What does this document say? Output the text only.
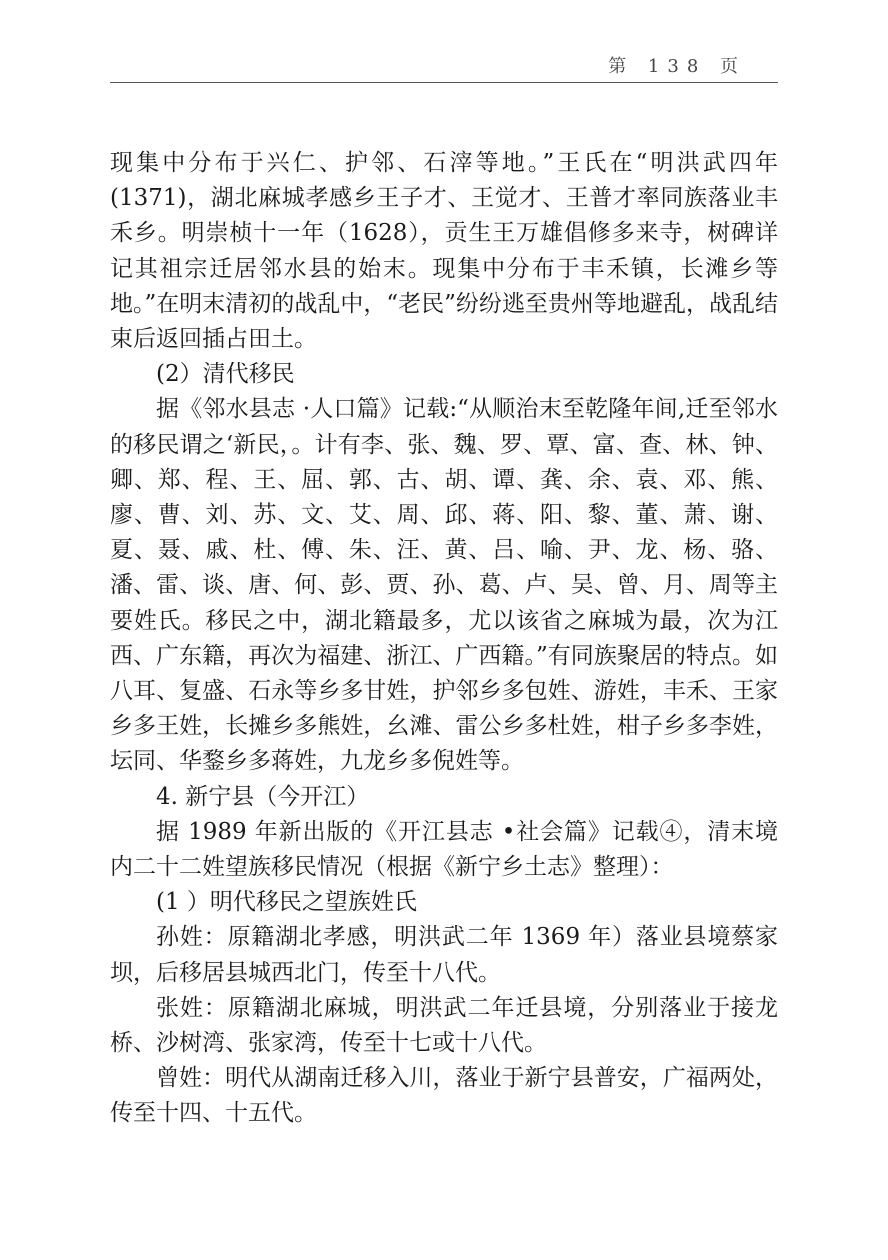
第 138 页

现集中分布于兴仁、护邻、石滓等地。”王氏在“明洪武四年(1371)，湖北麻城孝感乡王子才、王觉才、王普才率同族落业丰禾乡。明崇桢十一年（1628），贡生王万雄倡修多来寺，树碑详记其祖宗迁居邻水县的始末。现集中分布于丰禾镇，长滩乡等地。”在明末清初的战乱中，“老民”纷纷逃至贵州等地避乱，战乱结束后返回插占田土。

(2）清代移民

据《邻水县志 ·人口篇》记载:“从顺治末至乾隆年间,迁至邻水的移民谓之‘新民，。计有李、张、魏、罗、覃、富、查、林、钟、卿、郑、程、王、屈、郭、古、胡、谭、龚、余、袁、邓、熊、廖、曹、刘、苏、文、艾、周、邱、蒋、阳、黎、董、萧、谢、夏、聂、戚、杜、傅、朱、汪、黄、吕、喻、尹、龙、杨、骆、潘、雷、谈、唐、何、彭、贾、孙、葛、卢、吴、曾、月、周等主要姓氏。移民之中，湖北籍最多，尤以该省之麻城为最，次为江西、广东籍，再次为福建、浙江、广西籍。”有同族聚居的特点。如八耳、复盛、石永等乡多甘姓，护邻乡多包姓、游姓，丰禾、王家乡多王姓，长摊乡多熊姓，幺滩、雷公乡多杜姓，柑子乡多李姓，坛同、华鍪乡多蒋姓，九龙乡多倪姓等。

4. 新宁县（今开江）

据 1989 年新出版的《开江县志 •社会篇》记载④，清末境内二十二姓望族移民情况（根据《新宁乡土志》整理）：

(1 ）明代移民之望族姓氏

孙姓：原籍湖北孝感，明洪武二年 1369 年）落业县境蔡家坝，后移居县城西北门，传至十八代。

张姓：原籍湖北麻城，明洪武二年迁县境，分别落业于接龙桥、沙树湾、张家湾，传至十七或十八代。

曾姓：明代从湖南迁移入川，落业于新宁县普安，广福两处，传至十四、十五代。
